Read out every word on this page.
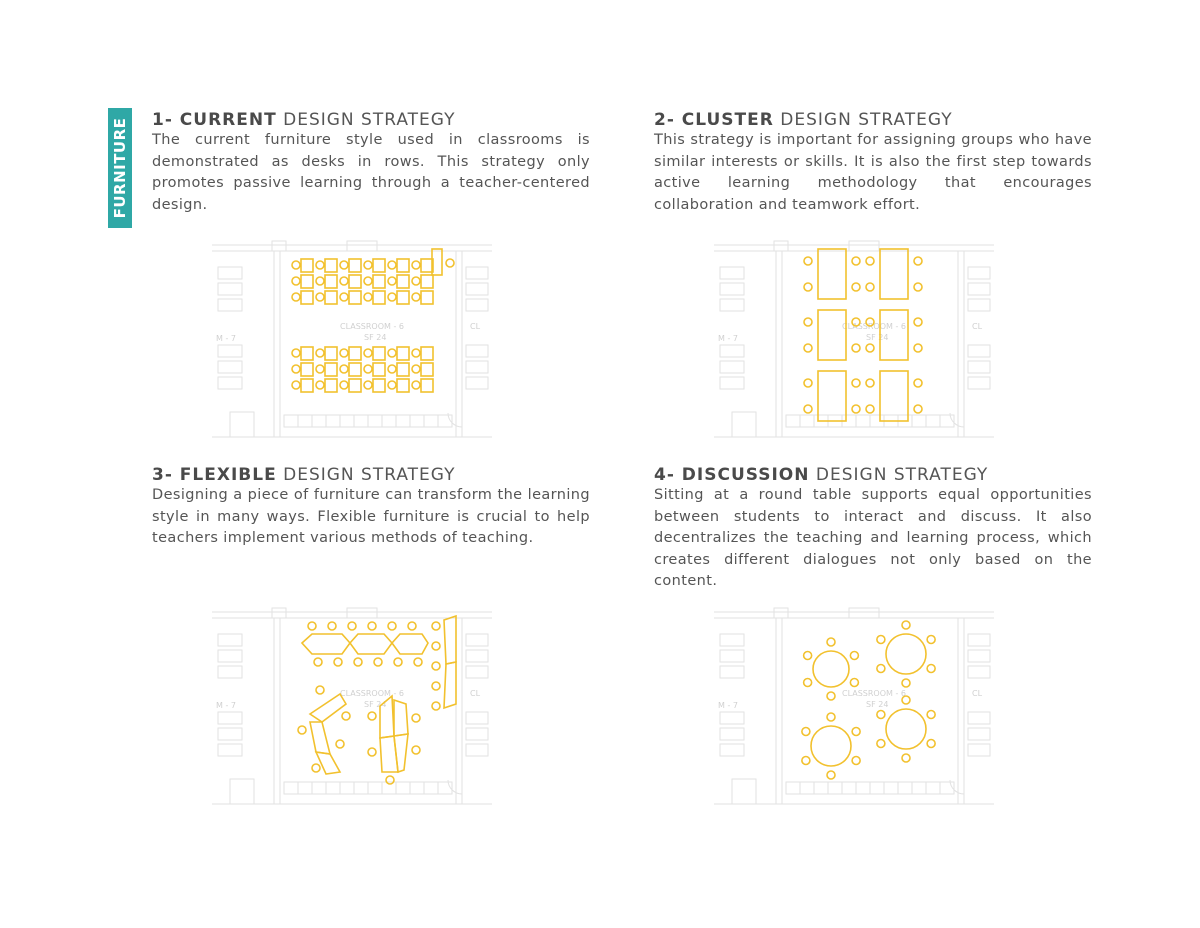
FURNITURE 1- CURRENT DESIGN STRATEGY
The current furniture style used in classrooms is demonstrated as desks in rows. This strategy only promotes passive learning through a teacher-centered design.
2- CLUSTER DESIGN STRATEGY
This strategy is important for assigning groups who have similar interests or skills. It is also the first step towards active learning methodology that encourages collaboration and teamwork effort.
3- FLEXIBLE DESIGN STRATEGY
Designing a piece of furniture can transform the learning style in many ways. Flexible furniture is crucial to help teachers implement various methods of teaching.
4- DISCUSSION DESIGN STRATEGY
Sitting at a round table supports equal opportunities between students to interact and discuss. It also decentralizes the teaching and learning process, which creates different dialogues not only based on the content.
CLASSROOM - 6
SF 24
M - 7
CL	CLASSROOM - 6
SF 24
M - 7
CL
CLASSROOM - 6
SF 24
M - 7
CL	CLASSROOM - 6
SF 24
M - 7
CL
